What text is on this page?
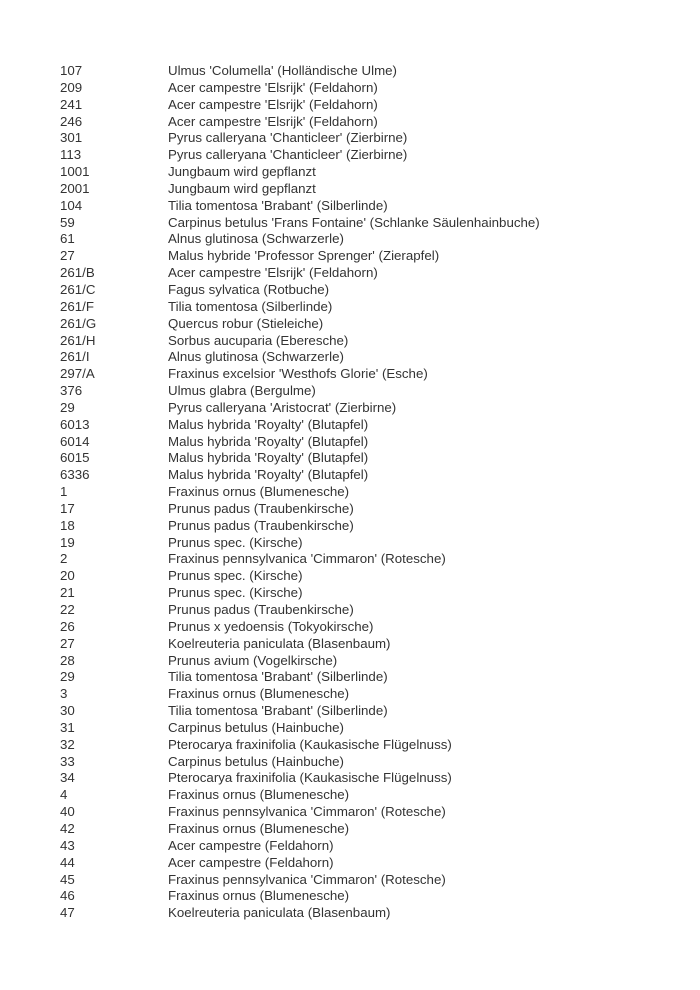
107	Ulmus 'Columella' (Holländische Ulme)
209	Acer campestre 'Elsrijk' (Feldahorn)
241	Acer campestre 'Elsrijk' (Feldahorn)
246	Acer campestre 'Elsrijk' (Feldahorn)
301	Pyrus calleryana 'Chanticleer' (Zierbirne)
113	Pyrus calleryana 'Chanticleer' (Zierbirne)
1001	Jungbaum wird gepflanzt
2001	Jungbaum wird gepflanzt
104	Tilia tomentosa 'Brabant' (Silberlinde)
59	Carpinus betulus 'Frans Fontaine' (Schlanke Säulenhainbuche)
61	Alnus glutinosa (Schwarzerle)
27	Malus hybride 'Professor Sprenger' (Zierapfel)
261/B	Acer campestre 'Elsrijk' (Feldahorn)
261/C	Fagus sylvatica (Rotbuche)
261/F	Tilia tomentosa (Silberlinde)
261/G	Quercus robur (Stieleiche)
261/H	Sorbus aucuparia (Eberesche)
261/I	Alnus glutinosa (Schwarzerle)
297/A	Fraxinus excelsior 'Westhofs Glorie' (Esche)
376	Ulmus glabra (Bergulme)
29	Pyrus calleryana 'Aristocrat' (Zierbirne)
6013	Malus hybrida 'Royalty' (Blutapfel)
6014	Malus hybrida 'Royalty' (Blutapfel)
6015	Malus hybrida 'Royalty' (Blutapfel)
6336	Malus hybrida 'Royalty' (Blutapfel)
1	Fraxinus ornus (Blumenesche)
17	Prunus padus (Traubenkirsche)
18	Prunus padus (Traubenkirsche)
19	Prunus spec. (Kirsche)
2	Fraxinus pennsylvanica 'Cimmaron' (Rotesche)
20	Prunus spec. (Kirsche)
21	Prunus spec. (Kirsche)
22	Prunus padus (Traubenkirsche)
26	Prunus x yedoensis (Tokyokirsche)
27	Koelreuteria paniculata (Blasenbaum)
28	Prunus avium (Vogelkirsche)
29	Tilia tomentosa 'Brabant' (Silberlinde)
3	Fraxinus ornus (Blumenesche)
30	Tilia tomentosa 'Brabant' (Silberlinde)
31	Carpinus betulus (Hainbuche)
32	Pterocarya fraxinifolia (Kaukasische Flügelnuss)
33	Carpinus betulus (Hainbuche)
34	Pterocarya fraxinifolia (Kaukasische Flügelnuss)
4	Fraxinus ornus (Blumenesche)
40	Fraxinus pennsylvanica 'Cimmaron' (Rotesche)
42	Fraxinus ornus (Blumenesche)
43	Acer campestre (Feldahorn)
44	Acer campestre (Feldahorn)
45	Fraxinus pennsylvanica 'Cimmaron' (Rotesche)
46	Fraxinus ornus (Blumenesche)
47	Koelreuteria paniculata (Blasenbaum)
